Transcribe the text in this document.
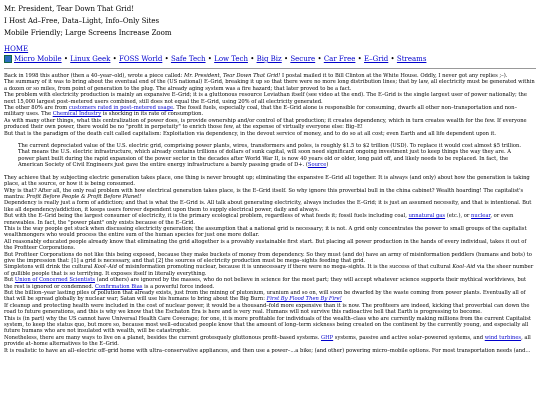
Mr. President, Tear Down That Grid!
I Host Ad–Free, Data–Light, Info–Only Sites
Mobile Friendly; Large Screens Increase Zoom
HOME
Micro Mobile • Linux Geek • FOSS World • Safe Tech • Low Tech • Big Biz • Secure • Car Free • E–Grid • Streams
Back in 1998 this author (then a 40–year–old), wrote a piece called: Mr. President, Tear Down That Grid! I postal mailed it to Bill Clinton at the White House. Oddly, I never got any replies ;–).
The summary of it was to bring about the eventual end of the (US national) E–Grid, breaking it up so that there were no more long distribution lines; that by law, all electricity must be generated within a dozen or so miles, from point of generation to the plug. The already aging system was a fire hazard; that later proved to be a fact.
The problem with electricity production is mainly an expansive E–Grid; it is a gluttonous resource Leviathan itself (see video at the end). The E–Grid is the single largest user of power nationally; the next 15,000 largest post–metered users combined, still does not equal the E–Grid, using 20% of all electricity generated.
The other 80% are from customers rated in post–metered usage. The fossil fuels, especially coal, that the E–Grid alone is responsible for consuming, dwarfs all other non–transportation and non–military uses. The Chemical Industry is shocking in its rate of consumption.
As with many other things, what this centralization of power does, is provide ownership and/or control of that production; it creates dependency, which in turn creates wealth for the few. If everyone produced their own power, there would be no "profit in perpetuity" to enrich those few, at the expense of virtually everyone else: Big–E!
But that is the paradigm of the death cult called capitalism: Exploitation via dependency, in the devout service of money, and to do so at all cost; even Earth and all life dependent upon it.
The current depreciated value of the U.S. electric grid, comprising power plants, wires, transformers and poles, is roughly $1.5 to $2 trillion (USD). To replace it would cost almost $5 trillion. That means the U.S. electric infrastructure, which already contains trillions of dollars of sunk capital, will soon need significant ongoing investment just to keep things the way they are. A power plant built during the rapid expansion of the power sector in the decades after World War II, is now 40 years old or older, long paid off, and likely needs to be replaced. In fact, the American Society of Civil Engineers just gave the entire energy infrastructure a barely passing grade of D+. (Source)
They achieve that by subjecting electric generation takes place, one thing is never brought up; eliminating the expansive E–Grid all together. It is always (and only) about how the generation is taking place, at the source, or how it is being consumed.
Why is that? After all, the only real problem with how electrical generation takes place, is the E–Grid itself. So why ignore this proverbial bull in the china cabinet? Wealth hoarding! The capitalist's mantra: Profit Before People & Profit Before Planet!
Dependency is really just a form of addiction; and that is what the E–Grid is. All talk about generating electricity, always includes the E–Grid; it is just an assumed necessity, and that is intentional. But like all dependency/addiction, it keeps users forever dependent upon them to supply electrical power, daily and always.
But with the E–Grid being the largest consumer of electricity, it is the primary ecological problem, regardless of what feeds it; fossil fuels including coal, unnatural gas (etc.), or nuclear, or even renewables. In fact, the "power plant" only exists because of the E–Grid.
This is the way people get stuck when discussing electricity generation; the assumption that a national grid is necessary; it is not. A grid only concentrates the power to small groups of the capitalist wealthmongers who would process the entire sum of the human species for just one more dollar.
All reasonably educated people already know that eliminating the grid altogether is a provably sustainable first start. But placing all power production in the hands of every individual, takes it out of the Profiteer Corporations.
But Profiteer Corporations do not like this being exposed, because they make buckets of money from dependency. So they must (and do) have an army of misinformation peddlers (humans and bots) to give the impression that: [1] a grid is necessary, and that [2] the sources of electricity production must be mega–sights feeding that grid.
Simpletons will drink the cultural Kool–Aid of misinformation promoting nuclear, because it is unnecessary if there were no mega–sights. It is the success of that cultural Kool–Aid via the sheer number of gullible people that is so terrifying. It exposes itself in literally everything.
But Union of Concerned Scientists (and others) are ignored by the masses, who do not believe in science for the most part; they will accept whatever science supports their mythical worldviews, but the rest is ignored or condemned. Confirmation Bias is a powerful force indeed.
But the billion–year lasting piles of pollution that already exists, just from the mining of plutonium, uranium and so on, will soon be dwarfed by the waste coming from power plants. Eventually all of that will be spread globally by nuclear war; Satan will use his humans to bring about the Big Burn: First By Flood Then By Fire!
If cleanup and protecting health were included in the cost of nuclear power, it would be a thousand–fold more expensive than it is now. The profiteers are indeed, kicking that proverbial can down the road to future generations, and this is why we know that the Eschaton Era is here and is very real. Humans will not survive this radioactive hell that Earth is progressing to become.
This is (in part) why the US cannot have Universal Health Care Coverage; for one, it is more profitable for individuals of the wealth–class who are currently making millions from the current Capitalist system, to keep the status quo, but more so, because most well–educated people know that the amount of long–term sickness being created on the continent by the currently young, and especially all future humans who are not insulated with wealth, will be catastrophic.
Nonetheless, there are many ways to live on a planet, besides the current grotesquely gluttonous profit–based systems. GHP systems, passive and active solar–powered systems, and wind turbines, all provide at–home alternatives to the E–Grid.
It is realistic to have an all–electric off–grid home with ultra–conservative appliances, and then use a power–...a bike; (and other) powering micro–mobile options. For most transportation needs (and...
